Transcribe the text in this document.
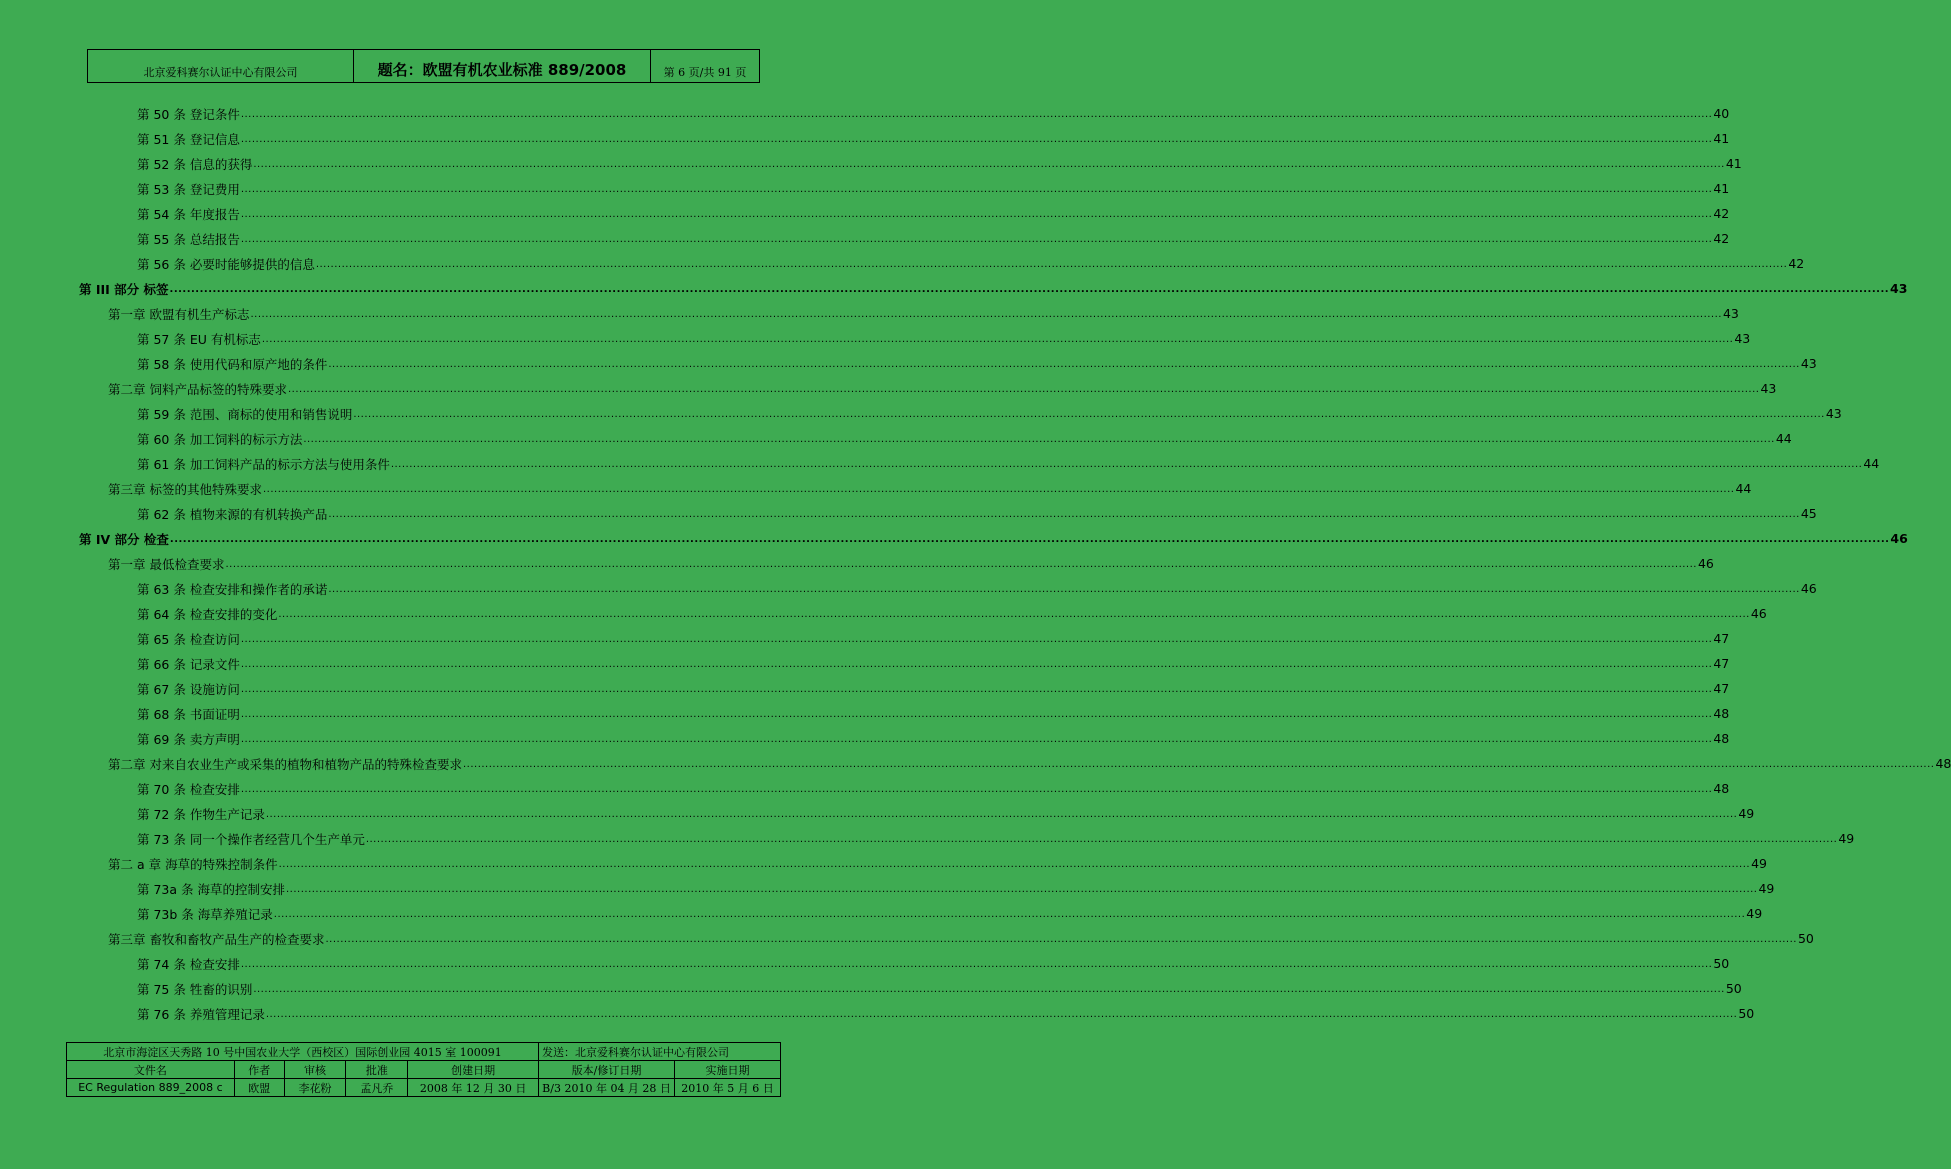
北京爱科赛尔认证中心有限公司	题名：欧盟有机农业标准 889/2008	第 6 页/共 91 页
第 50 条 登记条件 ................................................................................................................................................................................................................................................................................................................................................................................................................ 40
第 51 条 登记信息 ................................................................................................................................................................................................................................................................................................................................................................................................................ 41
第 52 条 信息的获得 ................................................................................................................................................................................................................................................................................................................................................................................................................ 41
第 53 条 登记费用 ................................................................................................................................................................................................................................................................................................................................................................................................................ 41
第 54 条 年度报告 ................................................................................................................................................................................................................................................................................................................................................................................................................ 42
第 55 条 总结报告 ................................................................................................................................................................................................................................................................................................................................................................................................................ 42
第 56 条 必要时能够提供的信息 ................................................................................................................................................................................................................................................................................................................................................................................................................ 42
第 III 部分 标签 ................................................................................................................................................................................................................................................................................................................................................................................................................ 43
第一章 欧盟有机生产标志 ................................................................................................................................................................................................................................................................................................................................................................................................................ 43
第 57 条 EU 有机标志 ................................................................................................................................................................................................................................................................................................................................................................................................................ 43
第 58 条 使用代码和原产地的条件 ................................................................................................................................................................................................................................................................................................................................................................................................................ 43
第二章 饲料产品标签的特殊要求 ................................................................................................................................................................................................................................................................................................................................................................................................................ 43
第 59 条 范围、商标的使用和销售说明 ................................................................................................................................................................................................................................................................................................................................................................................................................ 43
第 60 条 加工饲料的标示方法 ................................................................................................................................................................................................................................................................................................................................................................................................................ 44
第 61 条 加工饲料产品的标示方法与使用条件 ................................................................................................................................................................................................................................................................................................................................................................................................................ 44
第三章 标签的其他特殊要求 ................................................................................................................................................................................................................................................................................................................................................................................................................ 44
第 62 条 植物来源的有机转换产品 ................................................................................................................................................................................................................................................................................................................................................................................................................ 45
第 IV 部分 检查 ................................................................................................................................................................................................................................................................................................................................................................................................................ 46
第一章 最低检查要求 ................................................................................................................................................................................................................................................................................................................................................................................................................ 46
第 63 条 检查安排和操作者的承诺 ................................................................................................................................................................................................................................................................................................................................................................................................................ 46
第 64 条 检查安排的变化 ................................................................................................................................................................................................................................................................................................................................................................................................................ 46
第 65 条 检查访问 ................................................................................................................................................................................................................................................................................................................................................................................................................ 47
第 66 条 记录文件 ................................................................................................................................................................................................................................................................................................................................................................................................................ 47
第 67 条 设施访问 ................................................................................................................................................................................................................................................................................................................................................................................................................ 47
第 68 条 书面证明 ................................................................................................................................................................................................................................................................................................................................................................................................................ 48
第 69 条 卖方声明 ................................................................................................................................................................................................................................................................................................................................................................................................................ 48
第二章 对来自农业生产或采集的植物和植物产品的特殊检查要求 ................................................................................................................................................................................................................................................................................................................................................................................................................ 48
第 70 条 检查安排 ................................................................................................................................................................................................................................................................................................................................................................................................................ 48
第 72 条 作物生产记录 ................................................................................................................................................................................................................................................................................................................................................................................................................ 49
第 73 条 同一个操作者经营几个生产单元 ................................................................................................................................................................................................................................................................................................................................................................................................................ 49
第二 a 章 海草的特殊控制条件 ................................................................................................................................................................................................................................................................................................................................................................................................................ 49
第 73a 条 海草的控制安排 ................................................................................................................................................................................................................................................................................................................................................................................................................ 49
第 73b 条 海草养殖记录 ................................................................................................................................................................................................................................................................................................................................................................................................................ 49
第三章 畜牧和畜牧产品生产的检查要求 ................................................................................................................................................................................................................................................................................................................................................................................................................ 50
第 74 条 检查安排 ................................................................................................................................................................................................................................................................................................................................................................................................................ 50
第 75 条 牲畜的识别 ................................................................................................................................................................................................................................................................................................................................................................................................................ 50
第 76 条 养殖管理记录 ................................................................................................................................................................................................................................................................................................................................................................................................................ 50
北京市海淀区天秀路 10 号中国农业大学（西校区）国际创业园 4015 室 100091					发送：北京爱科赛尔认证中心有限公司	
文件名	作者	审核	批准	创建日期	版本/修订日期	实施日期
EC Regulation 889_2008 c	欧盟	李花粉	孟凡乔	2008 年 12 月 30 日	B/3 2010 年 04 月 28 日	2010 年 5 月 6 日
